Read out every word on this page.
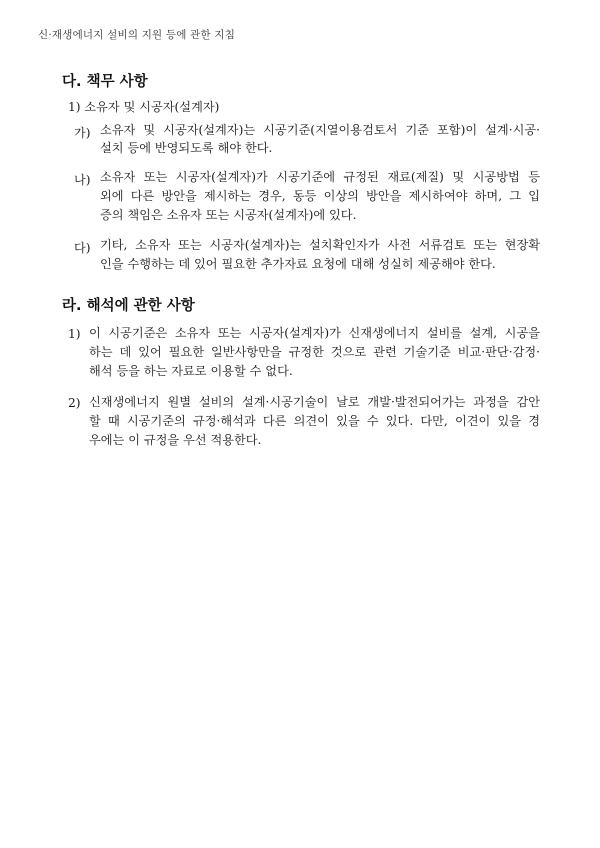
신·재생에너지 설비의 지원 등에 관한 지침
다. 책무 사항
1) 소유자 및 시공자(설계자)
가) 소유자 및 시공자(설계자)는 시공기준(지열이용검토서 기준 포함)이 설계·시공·
설치 등에 반영되도록 해야 한다.
나) 소유자 또는 시공자(설계자)가 시공기준에 규정된 재료(제질) 및 시공방법 등
외에 다른 방안을 제시하는 경우, 동등 이상의 방안을 제시하여야 하며, 그 입
증의 책임은 소유자 또는 시공자(설계자)에 있다.
다) 기타, 소유자 또는 시공자(설계자)는 설치확인자가 사전 서류검토 또는 현장확
인을 수행하는 데 있어 필요한 추가자료 요청에 대해 성실히 제공해야 한다.
라. 해석에 관한 사항
1) 이 시공기준은 소유자 또는 시공자(설계자)가 신재생에너지 설비를 설계, 시공을
하는 데 있어 필요한 일반사항만을 규정한 것으로 관련 기술기준 비교·판단·감정·
해석 등을 하는 자료로 이용할 수 없다.
2) 신재생에너지 원별 설비의 설계·시공기술이 날로 개발·발전되어가는 과정을 감안
할 때 시공기준의 규정·해석과 다른 의견이 있을 수 있다. 다만, 이견이 있을 경
우에는 이 규정을 우선 적용한다.
